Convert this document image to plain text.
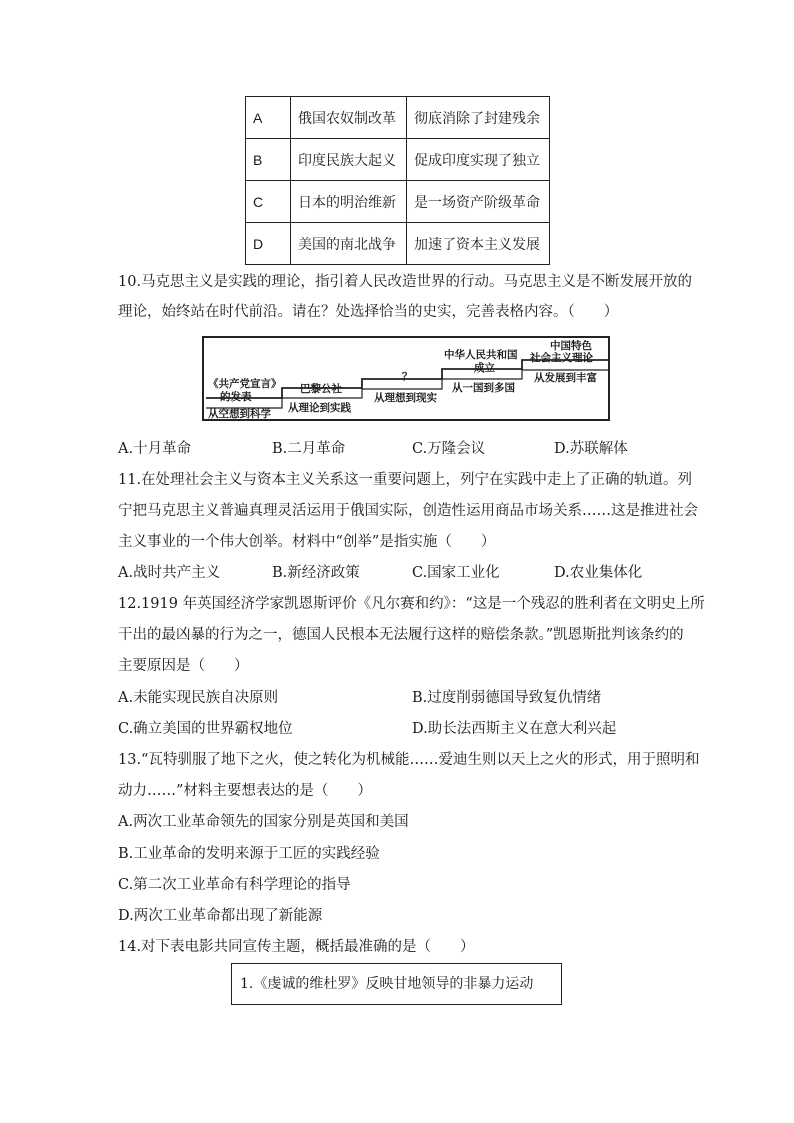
A	俄国农奴制改革	彻底消除了封建残余
B	印度民族大起义	促成印度实现了独立
C	日本的明治维新	是一场资产阶级革命
D	美国的南北战争	加速了资本主义发展
10.马克思主义是实践的理论，指引着人民改造世界的行动。马克思主义是不断发展开放的
理论，始终站在时代前沿。请在？处选择恰当的史实，完善表格内容。（　　）
《共产党宣言》
的发表
从空想到科学
巴黎公社
从理论到实践
？
从理想到现实
中华人民共和国
成立
从一国到多国
中国特色
社会主义理论
从发展到丰富
A.十月革命	B.二月革命	C.万隆会议	D.苏联解体
11.在处理社会主义与资本主义关系这一重要问题上，列宁在实践中走上了正确的轨道。列
宁把马克思主义普遍真理灵活运用于俄国实际，创造性运用商品市场关系……这是推进社会
主义事业的一个伟大创举。材料中“创举”是指实施（　　）
A.战时共产主义	B.新经济政策	C.国家工业化	D.农业集体化
12.1919 年英国经济学家凯恩斯评价《凡尔赛和约》：“这是一个残忍的胜利者在文明史上所
干出的最凶暴的行为之一，德国人民根本无法履行这样的赔偿条款。”凯恩斯批判该条约的
主要原因是（　　）
A.未能实现民族自决原则	B.过度削弱德国导致复仇情绪
C.确立美国的世界霸权地位	D.助长法西斯主义在意大利兴起
13.“瓦特驯服了地下之火，使之转化为机械能……爱迪生则以天上之火的形式，用于照明和
动力……”材料主要想表达的是（　　）
A.两次工业革命领先的国家分别是英国和美国
B.工业革命的发明来源于工匠的实践经验
C.第二次工业革命有科学理论的指导
D.两次工业革命都出现了新能源
14.对下表电影共同宣传主题，概括最准确的是（　　）
1.《虔诚的维杜罗》反映甘地领导的非暴力运动
